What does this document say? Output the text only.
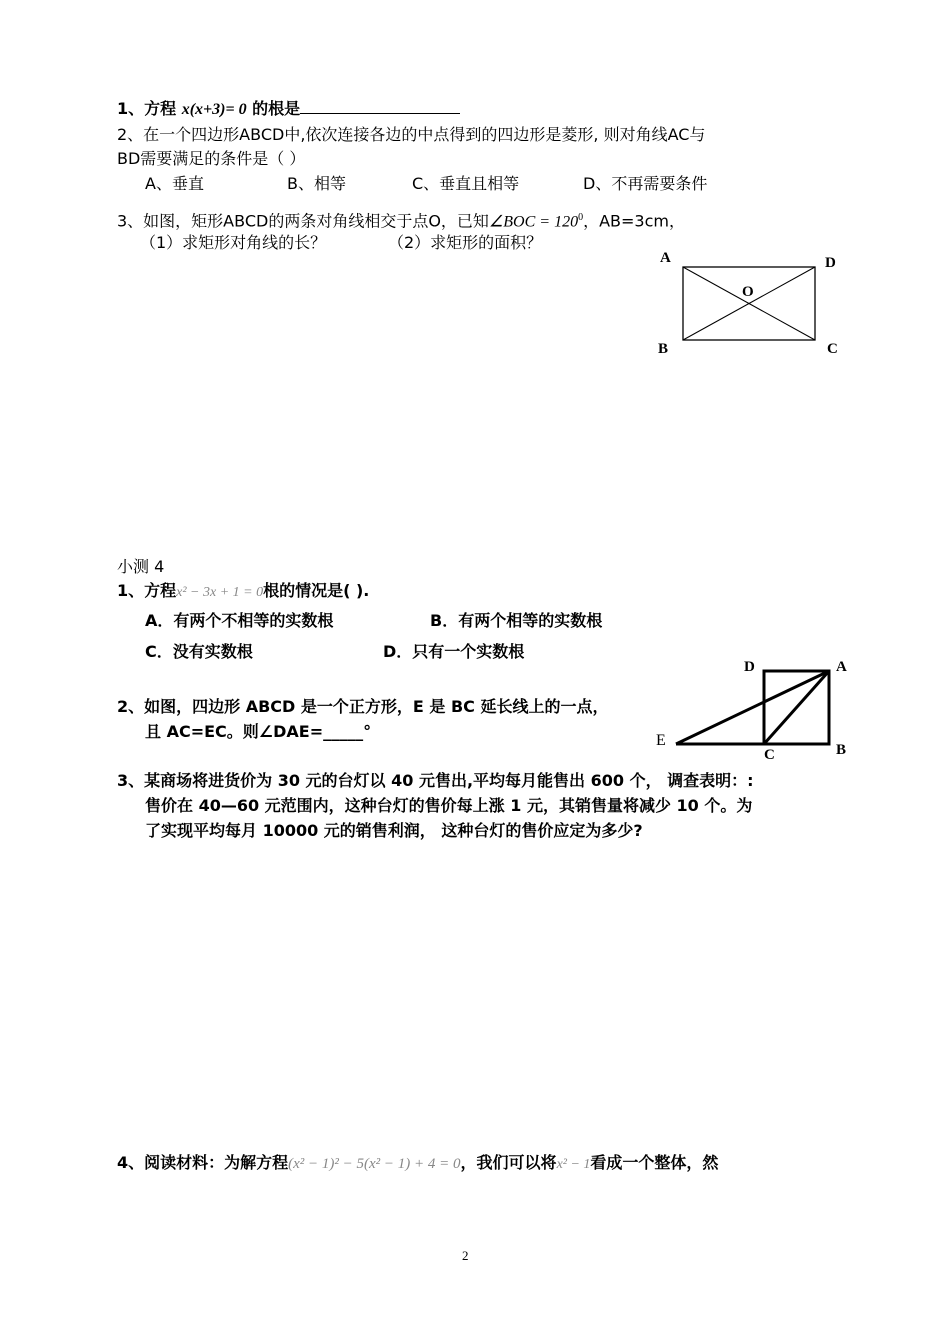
1、方程 x(x+3)= 0 的根是
2、在一个四边形ABCD中,依次连接各边的中点得到的四边形是菱形, 则对角线AC与
BD需要满足的条件是（ ）
A、垂直	B、相等	C、垂直且相等	D、不再需要条件
3、如图，矩形ABCD的两条对角线相交于点O，已知∠BOC = $120^0$，AB=3cm，
（1）求矩形对角线的长？	（2）求矩形的面积？
A	D
O
B	C
小测 4
1、方程x² − 3x + 1 = 0根的情况是( ).
A．有两个不相等的实数根	B．有两个相等的实数根
C．没有实数根	D．只有一个实数根
2、如图，四边形 ABCD 是一个正方形，E 是 BC 延长线上的一点，
且 AC=EC。则∠DAE=_____°
D	A
E
C	B
3、某商场将进货价为 30 元的台灯以 40 元售出,平均每月能售出 600 个， 调查表明：:
售价在 40—60 元范围内，这种台灯的售价每上涨 1 元，其销售量将减少 10 个。为
了实现平均每月 10000 元的销售利润， 这种台灯的售价应定为多少?
4、阅读材料：为解方程(x² − 1)² − 5(x² − 1) + 4 = 0，我们可以将x² − 1看成一个整体，然
2
